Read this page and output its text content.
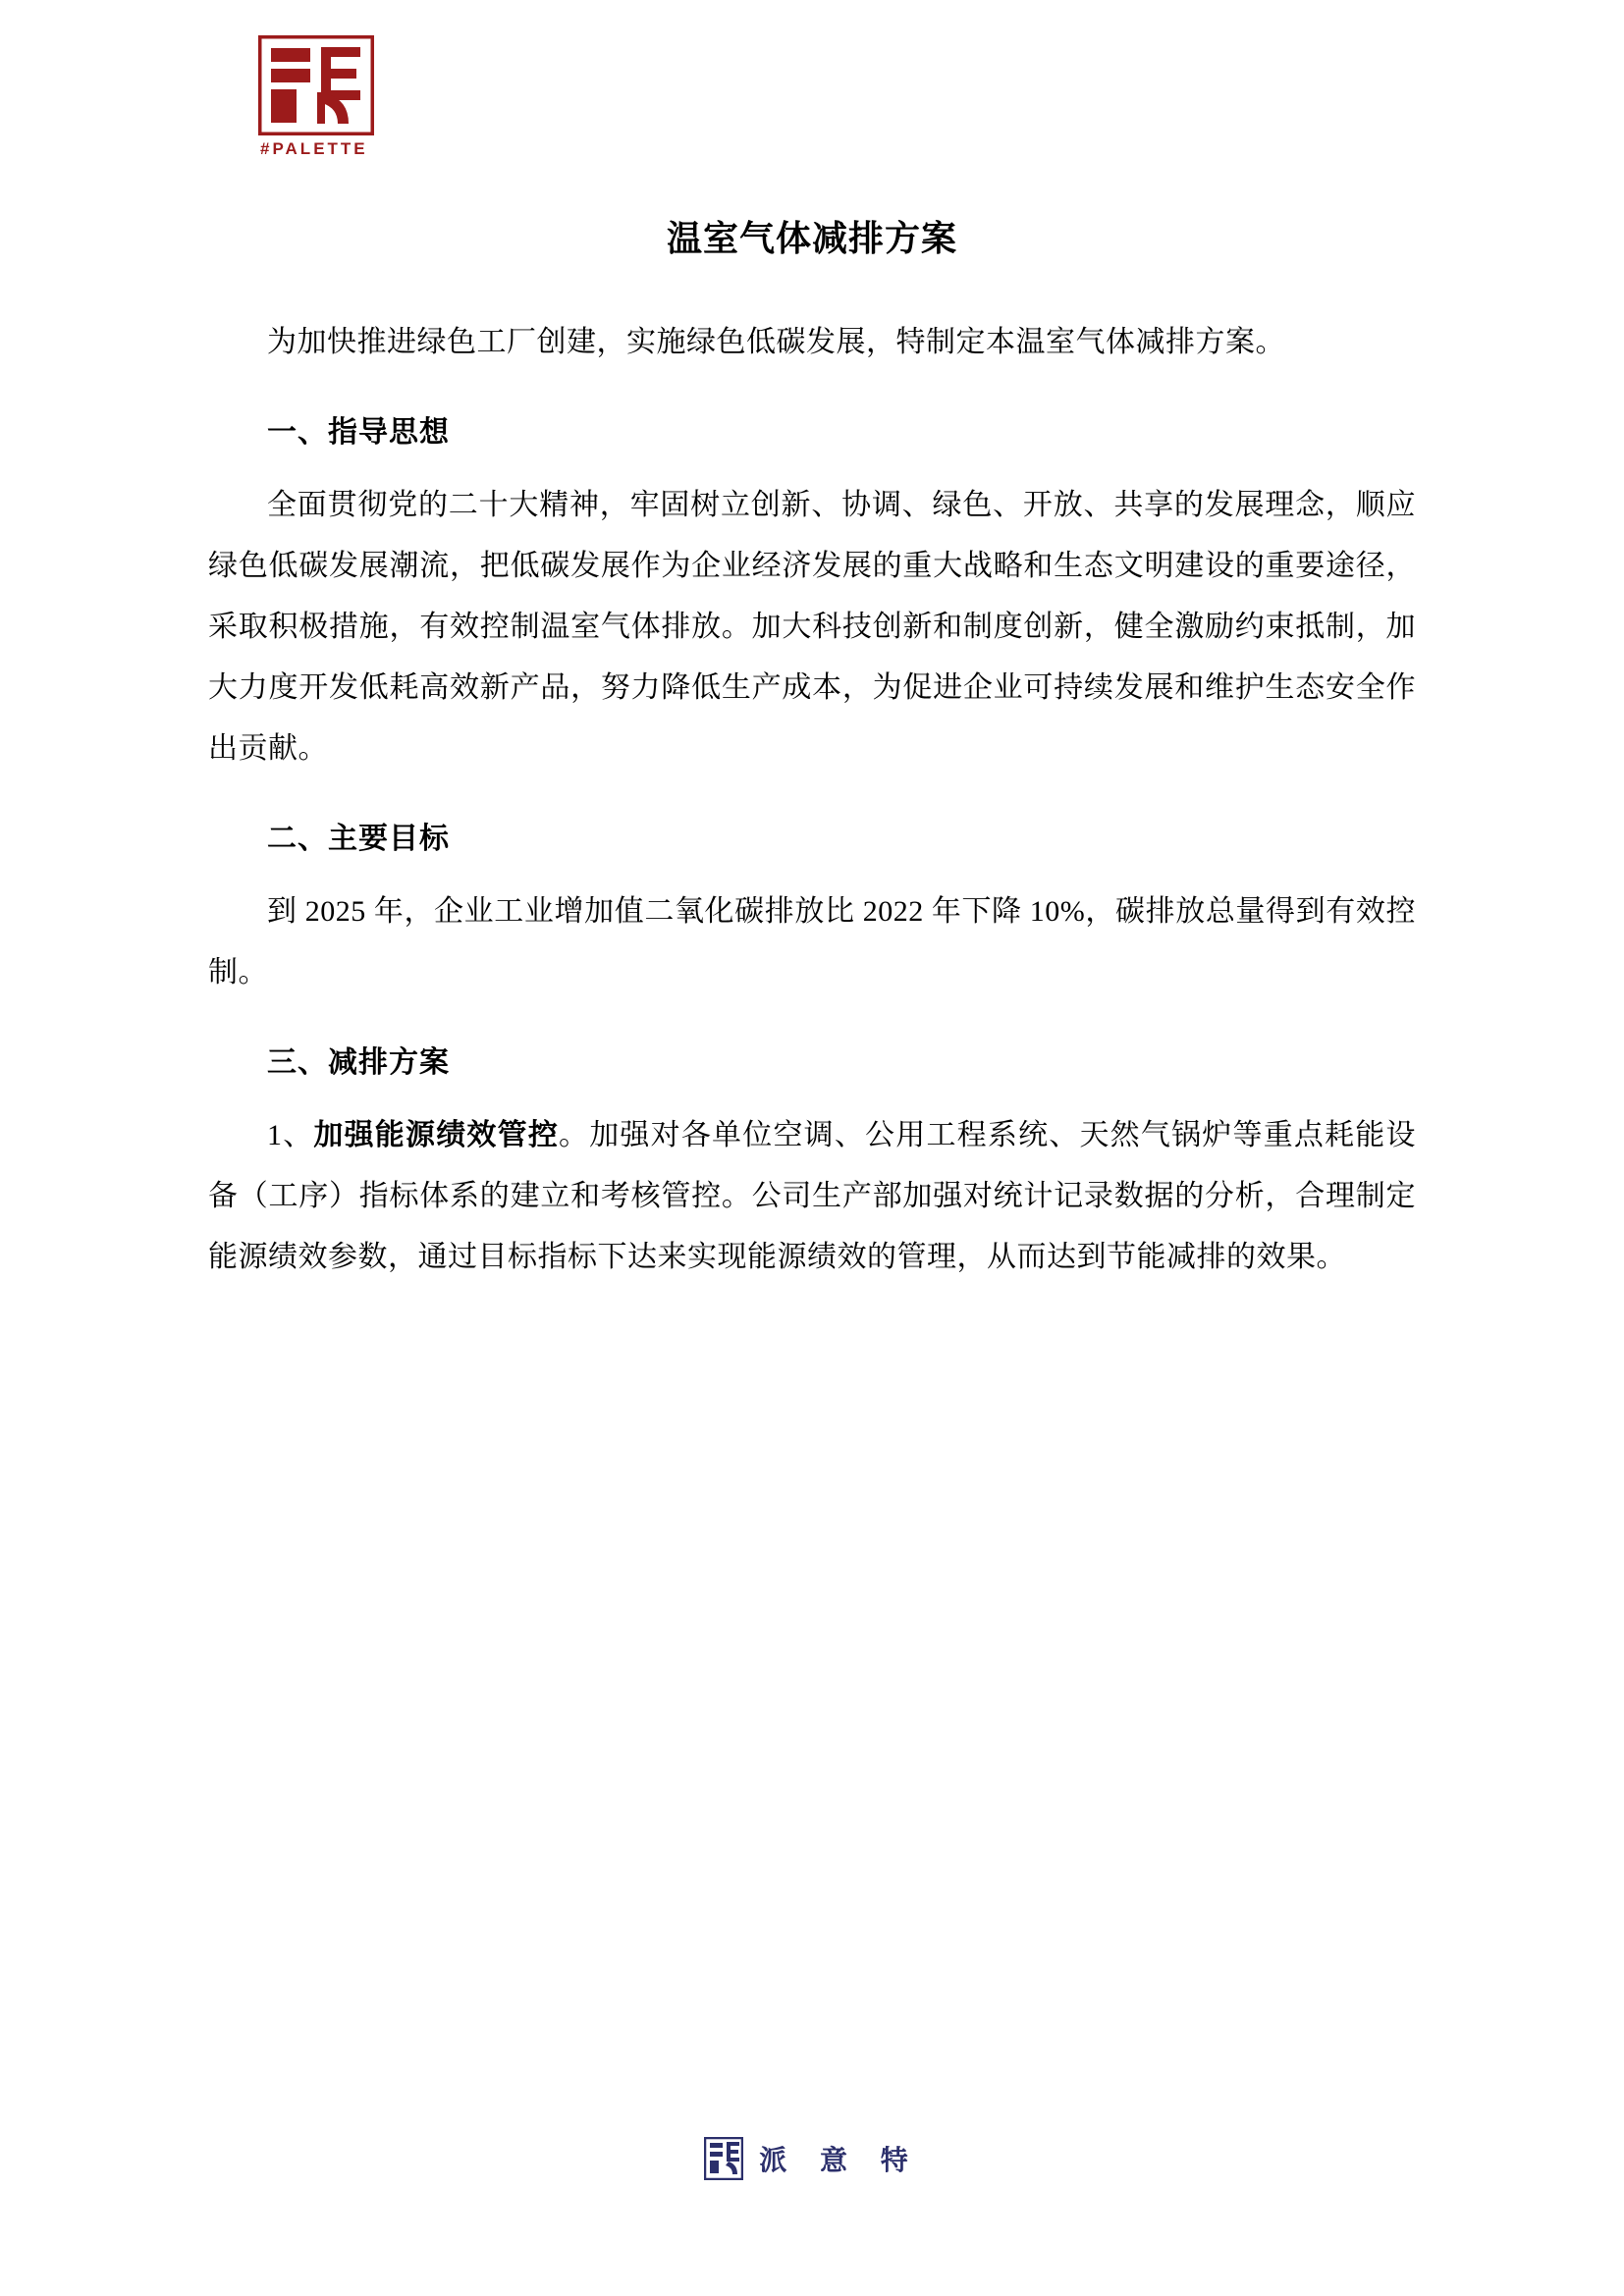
#PALETTE
温室气体减排方案

为加快推进绿色工厂创建，实施绿色低碳发展，特制定本温室气体减排方案。

一、指导思想

全面贯彻党的二十大精神，牢固树立创新、协调、绿色、开放、共享的发展理念，顺应绿色低碳发展潮流，把低碳发展作为企业经济发展的重大战略和生态文明建设的重要途径，采取积极措施，有效控制温室气体排放。加大科技创新和制度创新，健全激励约束抵制，加大力度开发低耗高效新产品，努力降低生产成本，为促进企业可持续发展和维护生态安全作出贡献。

二、主要目标

到 2025 年，企业工业增加值二氧化碳排放比 2022 年下降 10%，碳排放总量得到有效控制。

三、减排方案

1、加强能源绩效管控。加强对各单位空调、公用工程系统、天然气锅炉等重点耗能设备（工序）指标体系的建立和考核管控。公司生产部加强对统计记录数据的分析，合理制定能源绩效参数，通过目标指标下达来实现能源绩效的管理，从而达到节能减排的效果。

派 意 特
